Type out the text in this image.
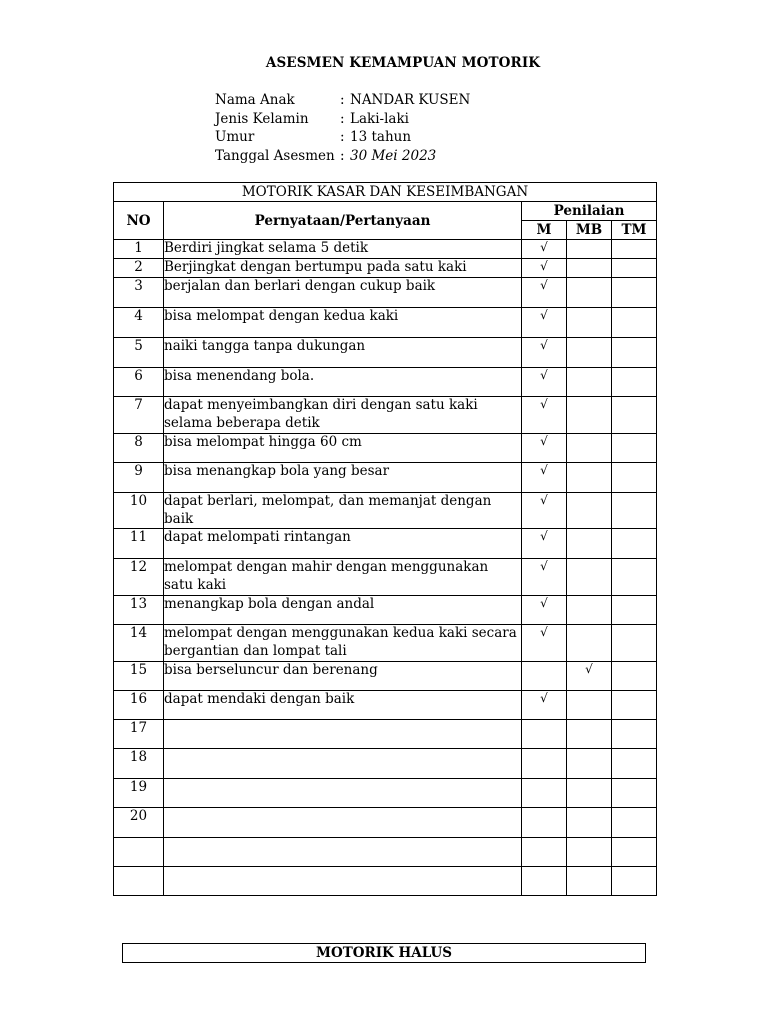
ASESMEN KEMAMPUAN MOTORIK
Nama Anak	: NANDAR KUSEN
Jenis Kelamin	: Laki-laki
Umur	: 13 tahun
Tanggal Asesmen : 30 Mei 2023
MOTORIK KASAR DAN KESEIMBANGAN				
NO	Pernyataan/Pertanyaan	Penilaian		
		M	MB	TM
1	Berdiri jingkat selama 5 detik	√		
2	Berjingkat dengan bertumpu pada satu kaki	√		
3	berjalan dan berlari dengan cukup baik	√		
4	bisa melompat dengan kedua kaki	√		
5	naiki tangga tanpa dukungan	√		
6	bisa menendang bola.	√		
7	dapat menyeimbangkan diri dengan satu kaki selama beberapa detik	√		
8	bisa melompat hingga 60 cm	√		
9	bisa menangkap bola yang besar	√		
10	dapat berlari, melompat, dan memanjat dengan baik	√		
11	dapat melompati rintangan	√		
12	melompat dengan mahir dengan menggunakan satu kaki	√		
13	menangkap bola dengan andal	√		
14	melompat dengan menggunakan kedua kaki secara bergantian dan lompat tali	√		
15	bisa berseluncur dan berenang		√	
16	dapat mendaki dengan baik	√		
17				
18				
19				
20				

MOTORIK HALUS
